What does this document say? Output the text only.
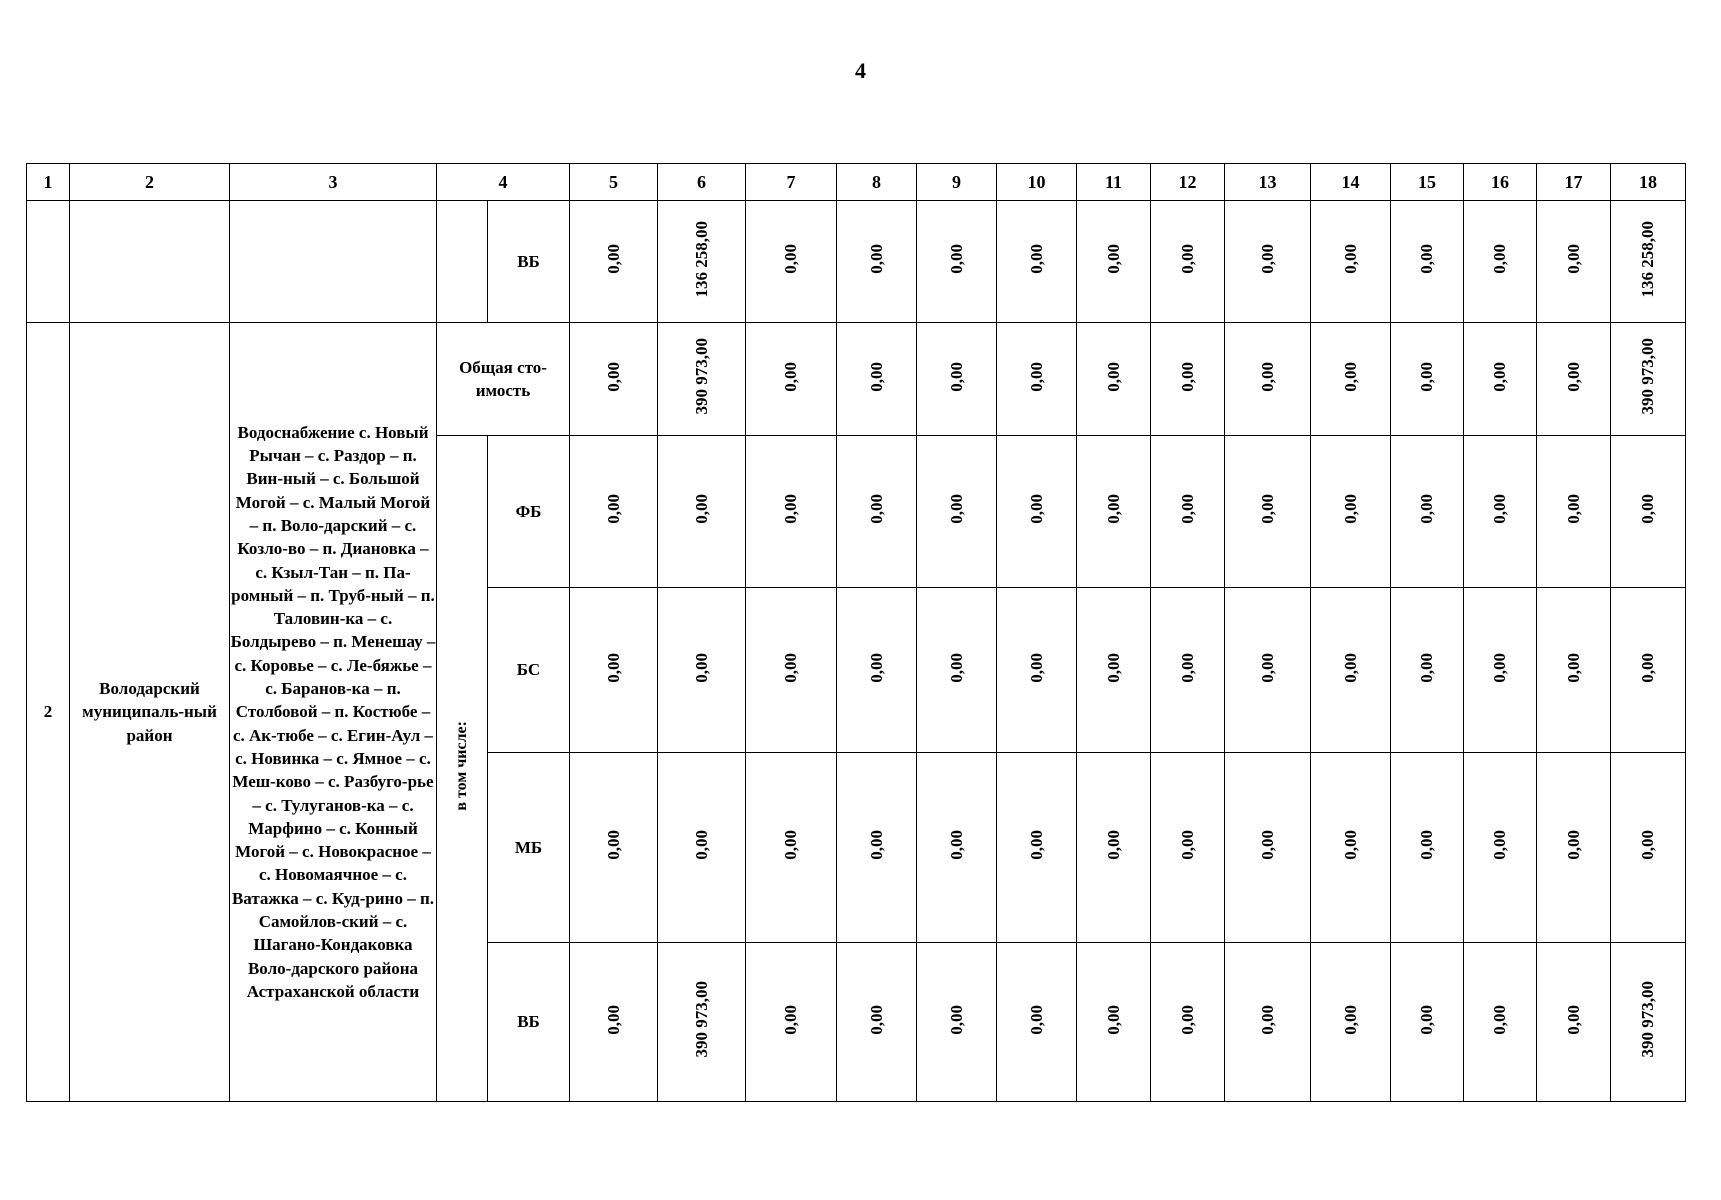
4
1	2	3	4		5	6	7	8	9	10	11	12	13	14	15	16	17	18
				ВБ	0,00	136 258,00	0,00	0,00	0,00	0,00	0,00	0,00	0,00	0,00	0,00	0,00	0,00	136 258,00
2	Володарский муниципаль-ный район	Водоснабжение с. Новый Рычан – с. Раздор – п. Вин-ный – с. Большой Могой – с. Малый Могой – п. Воло-дарский – с. Козло-во – п. Диановка – с. Кзыл-Тан – п. Па-ромный – п. Труб-ный – п. Таловин-ка – с. Болдырево – п. Менешау – с. Коровье – с. Ле-бяжье – с. Баранов-ка – п. Столбовой – п. Костюбе – с. Ак-тюбе – с. Егин-Аул – с. Новинка – с. Ямное – с. Меш-ково – с. Разбуго-рье – с. Тулуганов-ка – с. Марфино – с. Конный Могой – с. Новокрасное – с. Новомаячное – с. Ватажка – с. Куд-рино – п. Самойлов-ский – с. Шагано-Кондаковка Воло-дарского района Астраханской области	Общая сто-имость		0,00	390 973,00	0,00	0,00	0,00	0,00	0,00	0,00	0,00	0,00	0,00	0,00	0,00	390 973,00
			в том числе:	ФБ	0,00	0,00	0,00	0,00	0,00	0,00	0,00	0,00	0,00	0,00	0,00	0,00	0,00	0,00
				БС	0,00	0,00	0,00	0,00	0,00	0,00	0,00	0,00	0,00	0,00	0,00	0,00	0,00	0,00
				МБ	0,00	0,00	0,00	0,00	0,00	0,00	0,00	0,00	0,00	0,00	0,00	0,00	0,00	0,00
				ВБ	0,00	390 973,00	0,00	0,00	0,00	0,00	0,00	0,00	0,00	0,00	0,00	0,00	0,00	390 973,00
